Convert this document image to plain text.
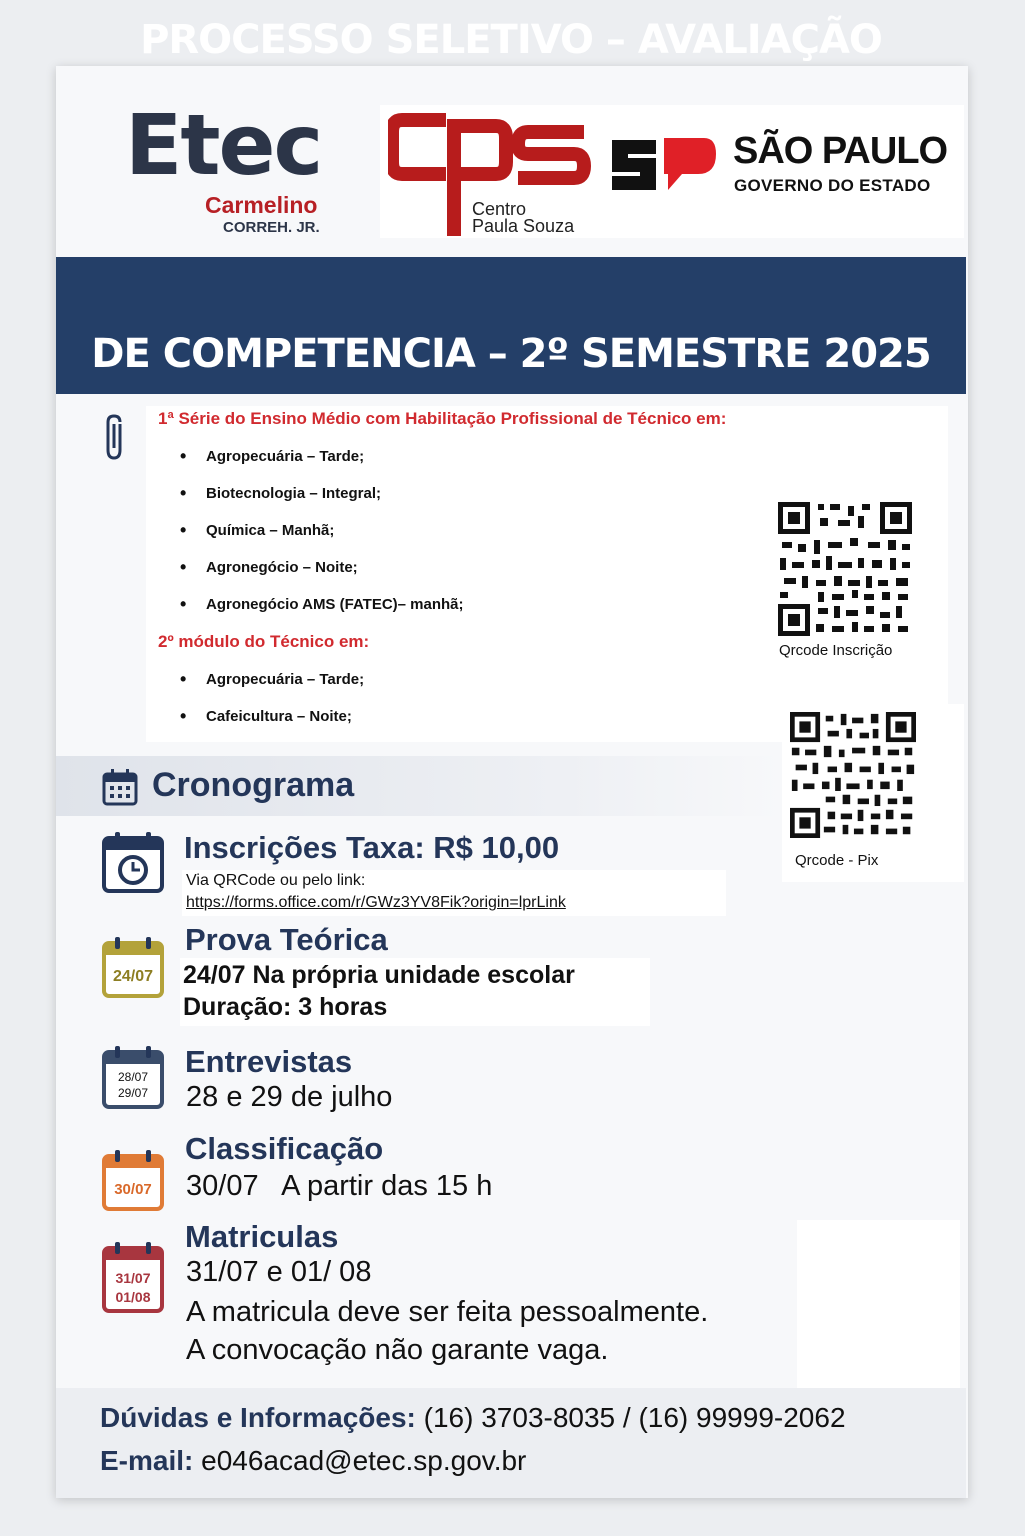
Etec
Carmelino
CORREH. JR.
Centro
Paula Souza
SÃO PAULO
GOVERNO DO ESTADO
PROCESSO SELETIVO – AVALIAÇÃO
DE COMPETENCIA – 2º SEMESTRE 2025
1ª Série do Ensino Médio com Habilitação Profissional de Técnico em:
• Agropecuária – Tarde;
• Biotecnologia – Integral;
• Química – Manhã;
• Agronegócio – Noite;
• Agronegócio AMS (FATEC)– manhã;
2º módulo do Técnico em:
• Agropecuária – Tarde;
• Cafeicultura – Noite;
Qrcode Inscrição
Qrcode - Pix
Cronograma
Inscrições Taxa: R$ 10,00
Via QRCode ou pelo link:
https://forms.office.com/r/GWz3YV8Fik?origin=lprLink
24/07
Prova Teórica
24/07 Na própria unidade escolar
Duração: 3 horas
28/07
29/07
Entrevistas
28 e 29 de julho
30/07
Classificação
30/07   A partir das 15 h
31/07
01/08
Matriculas
31/07 e 01/ 08
A matricula deve ser feita pessoalmente.
A convocação não garante vaga.
Dúvidas e Informações: (16) 3703-8035 / (16) 99999-2062
E-mail: e046acad@etec.sp.gov.br
